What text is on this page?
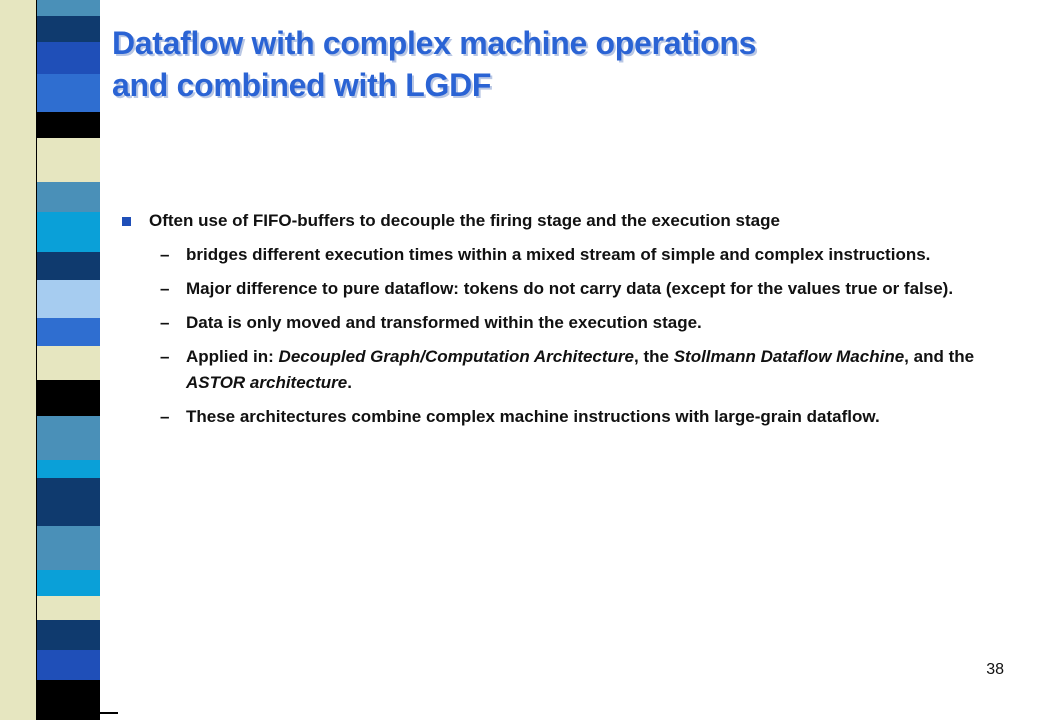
Dataflow with complex machine operations
and combined with LGDF
Often use of FIFO-buffers to decouple the firing stage and the execution stage
– bridges different execution times within a mixed stream of simple and complex instructions.
– Major difference to pure dataflow: tokens do not carry data (except for the values true or false).
– Data is only moved and transformed within the execution stage.
– Applied in: Decoupled Graph/Computation Architecture, the Stollmann Dataflow Machine, and the ASTOR architecture.
– These architectures combine complex machine instructions with large-grain dataflow.
38
